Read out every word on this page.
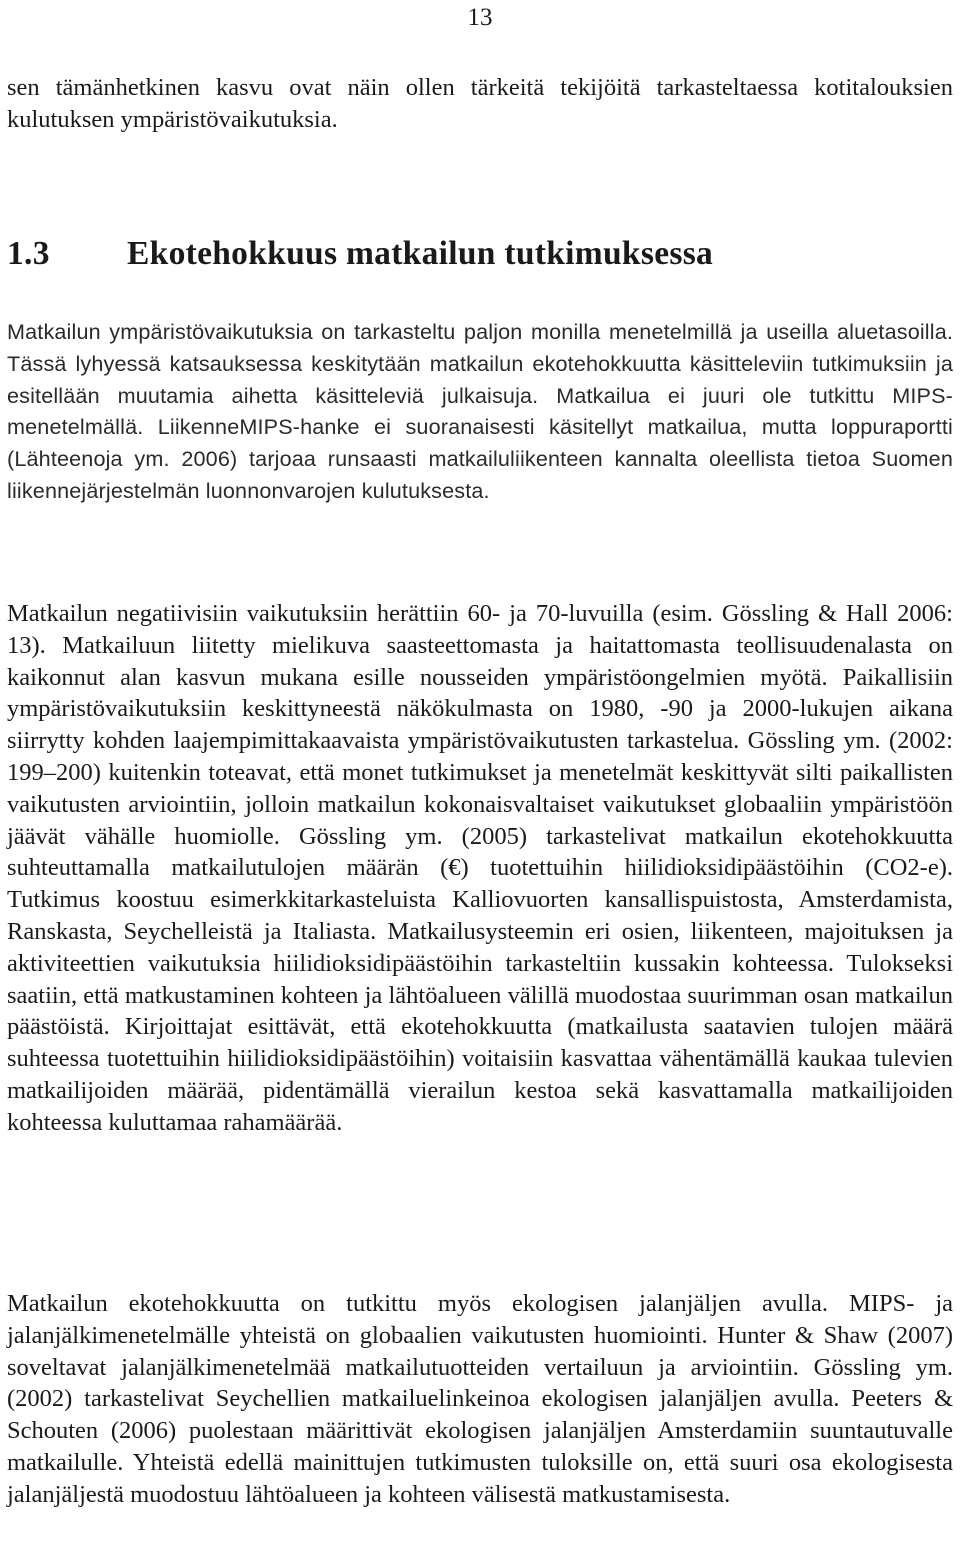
13

sen tämänhetkinen kasvu ovat näin ollen tärkeitä tekijöitä tarkasteltaessa kotitalouksien kulutuksen ympäristövaikutuksia.

1.3 Ekotehokkuus matkailun tutkimuksessa

Matkailun ympäristövaikutuksia on tarkasteltu paljon monilla menetelmillä ja useilla aluetasoilla. Tässä lyhyessä katsauksessa keskitytään matkailun ekotehokkuutta käsitteleviin tutkimuksiin ja esitellään muutamia aihetta käsitteleviä julkaisuja. Matkailua ei juuri ole tutkittu MIPS-menetelmällä. LiikenneMIPS-hanke ei suoranaisesti käsitellyt matkailua, mutta loppuraportti (Lähteenoja ym. 2006) tarjoaa runsaasti matkailuliikenteen kannalta oleellista tietoa Suomen liikennejärjestelmän luonnonvarojen kulutuksesta.

Matkailun negatiivisiin vaikutuksiin herättiin 60- ja 70-luvuilla (esim. Gössling & Hall 2006: 13). Matkailuun liitetty mielikuva saasteettomasta ja haitattomasta teollisuudenalasta on kaikonnut alan kasvun mukana esille nousseiden ympäristöongelmien myötä. Paikallisiin ympäristövaikutuksiin keskittyneestä näkökulmasta on 1980, -90 ja 2000-lukujen aikana siirrytty kohden laajempimittakaavaista ympäristövaikutusten tarkastelua. Gössling ym. (2002: 199–200) kuitenkin toteavat, että monet tutkimukset ja menetelmät keskittyvät silti paikallisten vaikutusten arviointiin, jolloin matkailun kokonaisvaltaiset vaikutukset globaaliin ympäristöön jäävät vähälle huomiolle. Gössling ym. (2005) tarkastelivat matkailun ekotehokkuutta suhteuttamalla matkailutulojen määrän (€) tuotettuihin hiilidioksidipäästöihin (CO2-e). Tutkimus koostuu esimerkkitarkasteluista Kalliovuorten kansallispuistosta, Amsterdamista, Ranskasta, Seychelleistä ja Italiasta. Matkailusysteemin eri osien, liikenteen, majoituksen ja aktiviteettien vaikutuksia hiilidioksidipäästöihin tarkasteltiin kussakin kohteessa. Tulokseksi saatiin, että matkustaminen kohteen ja lähtöalueen välillä muodostaa suurimman osan matkailun päästöistä. Kirjoittajat esittävät, että ekotehokkuutta (matkailusta saatavien tulojen määrä suhteessa tuotettuihin hiilidioksidipäästöihin) voitaisiin kasvattaa vähentämällä kaukaa tulevien matkailijoiden määrää, pidentämällä vierailun kestoa sekä kasvattamalla matkailijoiden kohteessa kuluttamaa rahamäärää.

Matkailun ekotehokkuutta on tutkittu myös ekologisen jalanjäljen avulla. MIPS- ja jalanjälkimenetelmälle yhteistä on globaalien vaikutusten huomiointi. Hunter & Shaw (2007) soveltavat jalanjälkimenetelmää matkailutuotteiden vertailuun ja arviointiin. Gössling ym. (2002) tarkastelivat Seychellien matkailuelinkeinoa ekologisen jalanjäljen avulla. Peeters & Schouten (2006) puolestaan määrittivät ekologisen jalanjäljen Amsterdamiin suuntautuvalle matkailulle. Yhteistä edellä mainittujen tutkimusten tuloksille on, että suuri osa ekologisesta jalanjäljestä muodostuu lähtöalueen ja kohteen välisestä matkustamisesta.
